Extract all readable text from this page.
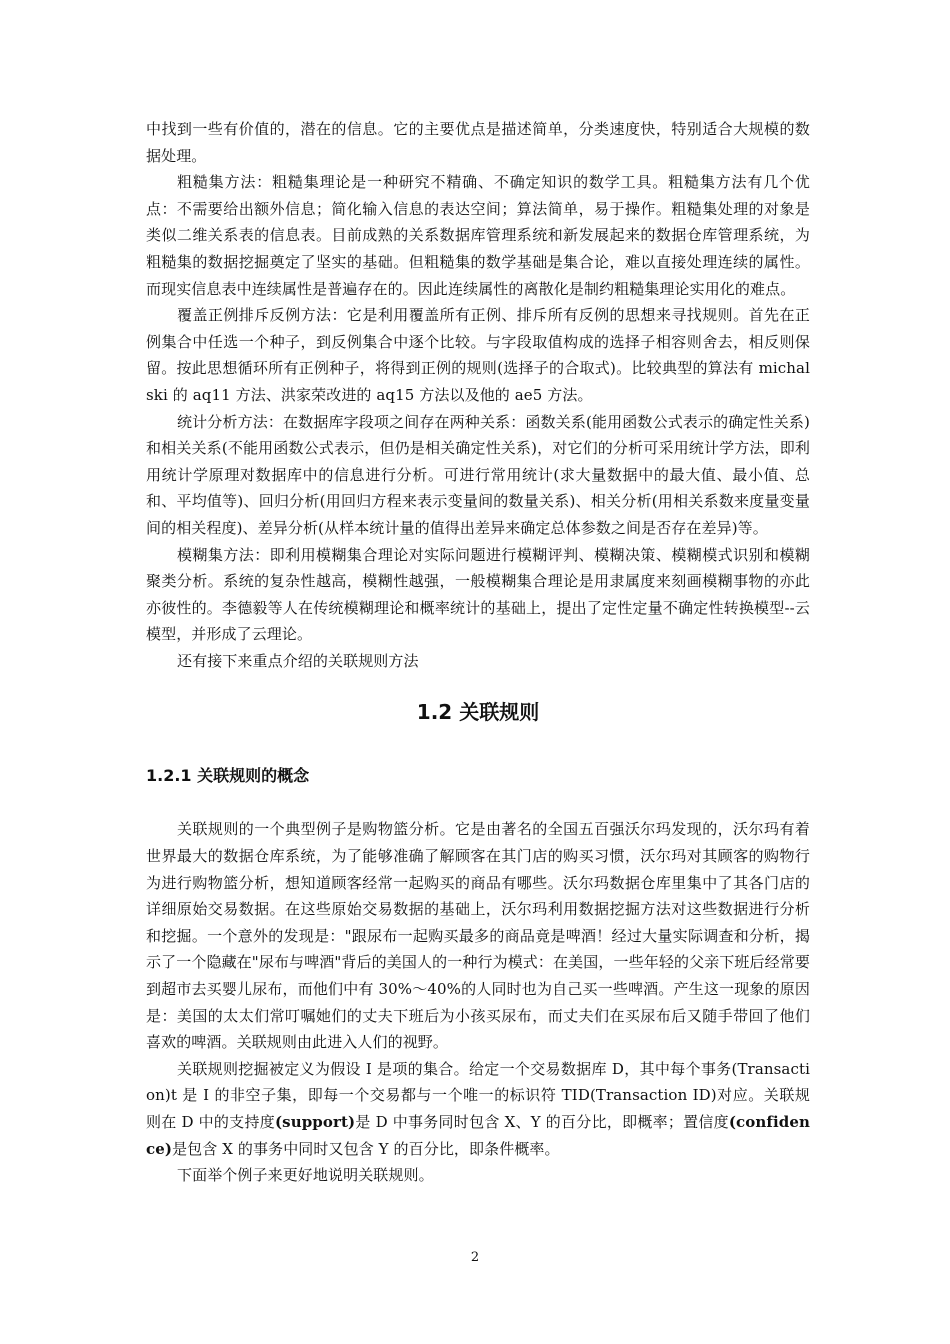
中找到一些有价值的，潜在的信息。它的主要优点是描述简单，分类速度快，特别适合大规模的数据处理。

粗糙集方法：粗糙集理论是一种研究不精确、不确定知识的数学工具。粗糙集方法有几个优点：不需要给出额外信息；简化输入信息的表达空间；算法简单，易于操作。粗糙集处理的对象是类似二维关系表的信息表。目前成熟的关系数据库管理系统和新发展起来的数据仓库管理系统，为粗糙集的数据挖掘奠定了坚实的基础。但粗糙集的数学基础是集合论，难以直接处理连续的属性。而现实信息表中连续属性是普遍存在的。因此连续属性的离散化是制约粗糙集理论实用化的难点。

覆盖正例排斥反例方法：它是利用覆盖所有正例、排斥所有反例的思想来寻找规则。首先在正例集合中任选一个种子，到反例集合中逐个比较。与字段取值构成的选择子相容则舍去，相反则保留。按此思想循环所有正例种子，将得到正例的规则(选择子的合取式)。比较典型的算法有 michalski 的 aq11 方法、洪家荣改进的 aq15 方法以及他的 ae5 方法。

统计分析方法：在数据库字段项之间存在两种关系：函数关系(能用函数公式表示的确定性关系)和相关关系(不能用函数公式表示，但仍是相关确定性关系)，对它们的分析可采用统计学方法，即利用统计学原理对数据库中的信息进行分析。可进行常用统计(求大量数据中的最大值、最小值、总和、平均值等)、回归分析(用回归方程来表示变量间的数量关系)、相关分析(用相关系数来度量变量间的相关程度)、差异分析(从样本统计量的值得出差异来确定总体参数之间是否存在差异)等。

模糊集方法：即利用模糊集合理论对实际问题进行模糊评判、模糊决策、模糊模式识别和模糊聚类分析。系统的复杂性越高，模糊性越强，一般模糊集合理论是用隶属度来刻画模糊事物的亦此亦彼性的。李德毅等人在传统模糊理论和概率统计的基础上，提出了定性定量不确定性转换模型--云模型，并形成了云理论。

还有接下来重点介绍的关联规则方法

1.2 关联规则
1.2.1 关联规则的概念

关联规则的一个典型例子是购物篮分析。它是由著名的全国五百强沃尔玛发现的，沃尔玛有着世界最大的数据仓库系统，为了能够准确了解顾客在其门店的购买习惯，沃尔玛对其顾客的购物行为进行购物篮分析，想知道顾客经常一起购买的商品有哪些。沃尔玛数据仓库里集中了其各门店的详细原始交易数据。在这些原始交易数据的基础上，沃尔玛利用数据挖掘方法对这些数据进行分析和挖掘。一个意外的发现是："跟尿布一起购买最多的商品竟是啤酒！经过大量实际调查和分析，揭示了一个隐藏在"尿布与啤酒"背后的美国人的一种行为模式：在美国，一些年轻的父亲下班后经常要到超市去买婴儿尿布，而他们中有 30%～40%的人同时也为自己买一些啤酒。产生这一现象的原因是：美国的太太们常叮嘱她们的丈夫下班后为小孩买尿布，而丈夫们在买尿布后又随手带回了他们喜欢的啤酒。关联规则由此进入人们的视野。

关联规则挖掘被定义为假设 I 是项的集合。给定一个交易数据库 D，其中每个事务(Transaction)t 是 I 的非空子集，即每一个交易都与一个唯一的标识符 TID(Transaction ID)对应。关联规则在 D 中的支持度(support)是 D 中事务同时包含 X、Y 的百分比，即概率；置信度(confidence)是包含 X 的事务中同时又包含 Y 的百分比，即条件概率。

下面举个例子来更好地说明关联规则。

2
